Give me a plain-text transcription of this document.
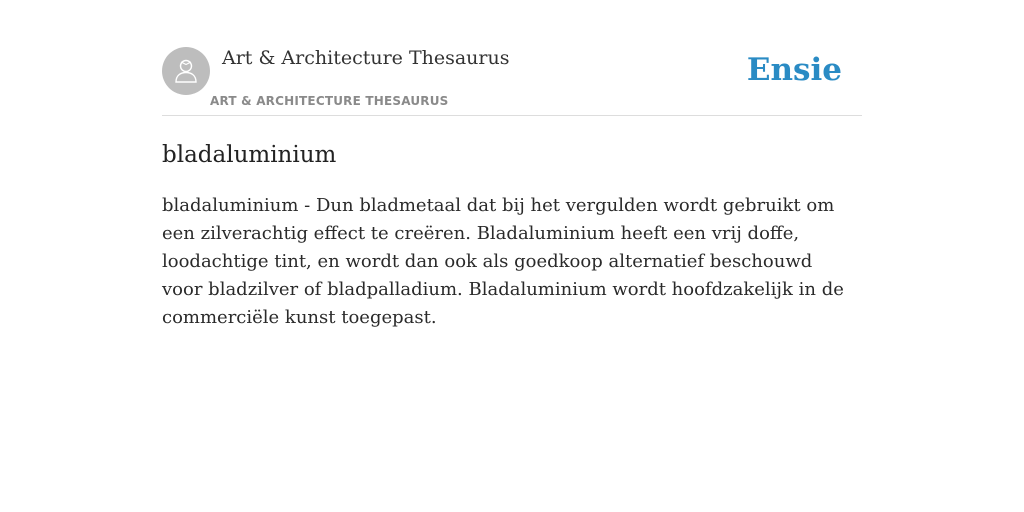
Art & Architecture Thesaurus
ART & ARCHITECTURE THESAURUS
Ensie
bladaluminium

bladaluminium - Dun bladmetaal dat bij het vergulden wordt gebruikt om een zilverachtig effect te creëren. Bladaluminium heeft een vrij doffe, loodachtige tint, en wordt dan ook als goedkoop alternatief beschouwd voor bladzilver of bladpalladium. Bladaluminium wordt hoofdzakelijk in de commerciële kunst toegepast.
